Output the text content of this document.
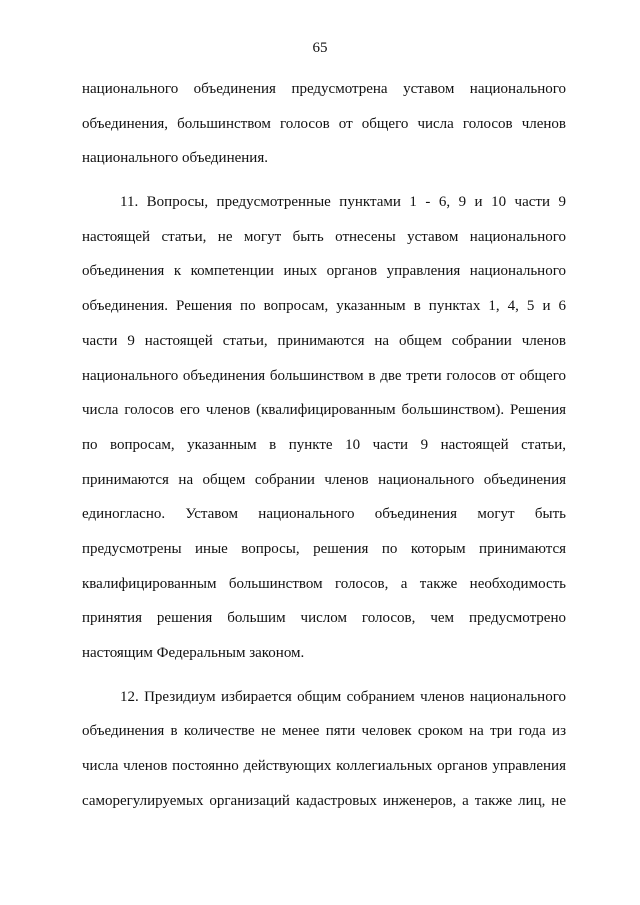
65
национального объединения предусмотрена уставом национального
объединения, большинством голосов от общего числа голосов членов
национального объединения.
11. Вопросы, предусмотренные пунктами 1 - 6, 9 и 10 части 9
настоящей статьи, не могут быть отнесены уставом национального
объединения к компетенции иных органов управления национального
объединения. Решения по вопросам, указанным в пунктах 1, 4, 5 и 6
части 9 настоящей статьи, принимаются на общем собрании членов
национального объединения большинством в две трети голосов от общего
числа голосов его членов (квалифицированным большинством). Решения
по вопросам, указанным в пункте 10 части 9 настоящей статьи,
принимаются на общем собрании членов национального объединения
единогласно. Уставом национального объединения могут быть
предусмотрены иные вопросы, решения по которым принимаются
квалифицированным большинством голосов, а также необходимость
принятия решения большим числом голосов, чем предусмотрено
настоящим Федеральным законом.
12. Президиум избирается общим собранием членов национального
объединения в количестве не менее пяти человек сроком на три года из
числа членов постоянно действующих коллегиальных органов управления
саморегулируемых организаций кадастровых инженеров, а также лиц, не
